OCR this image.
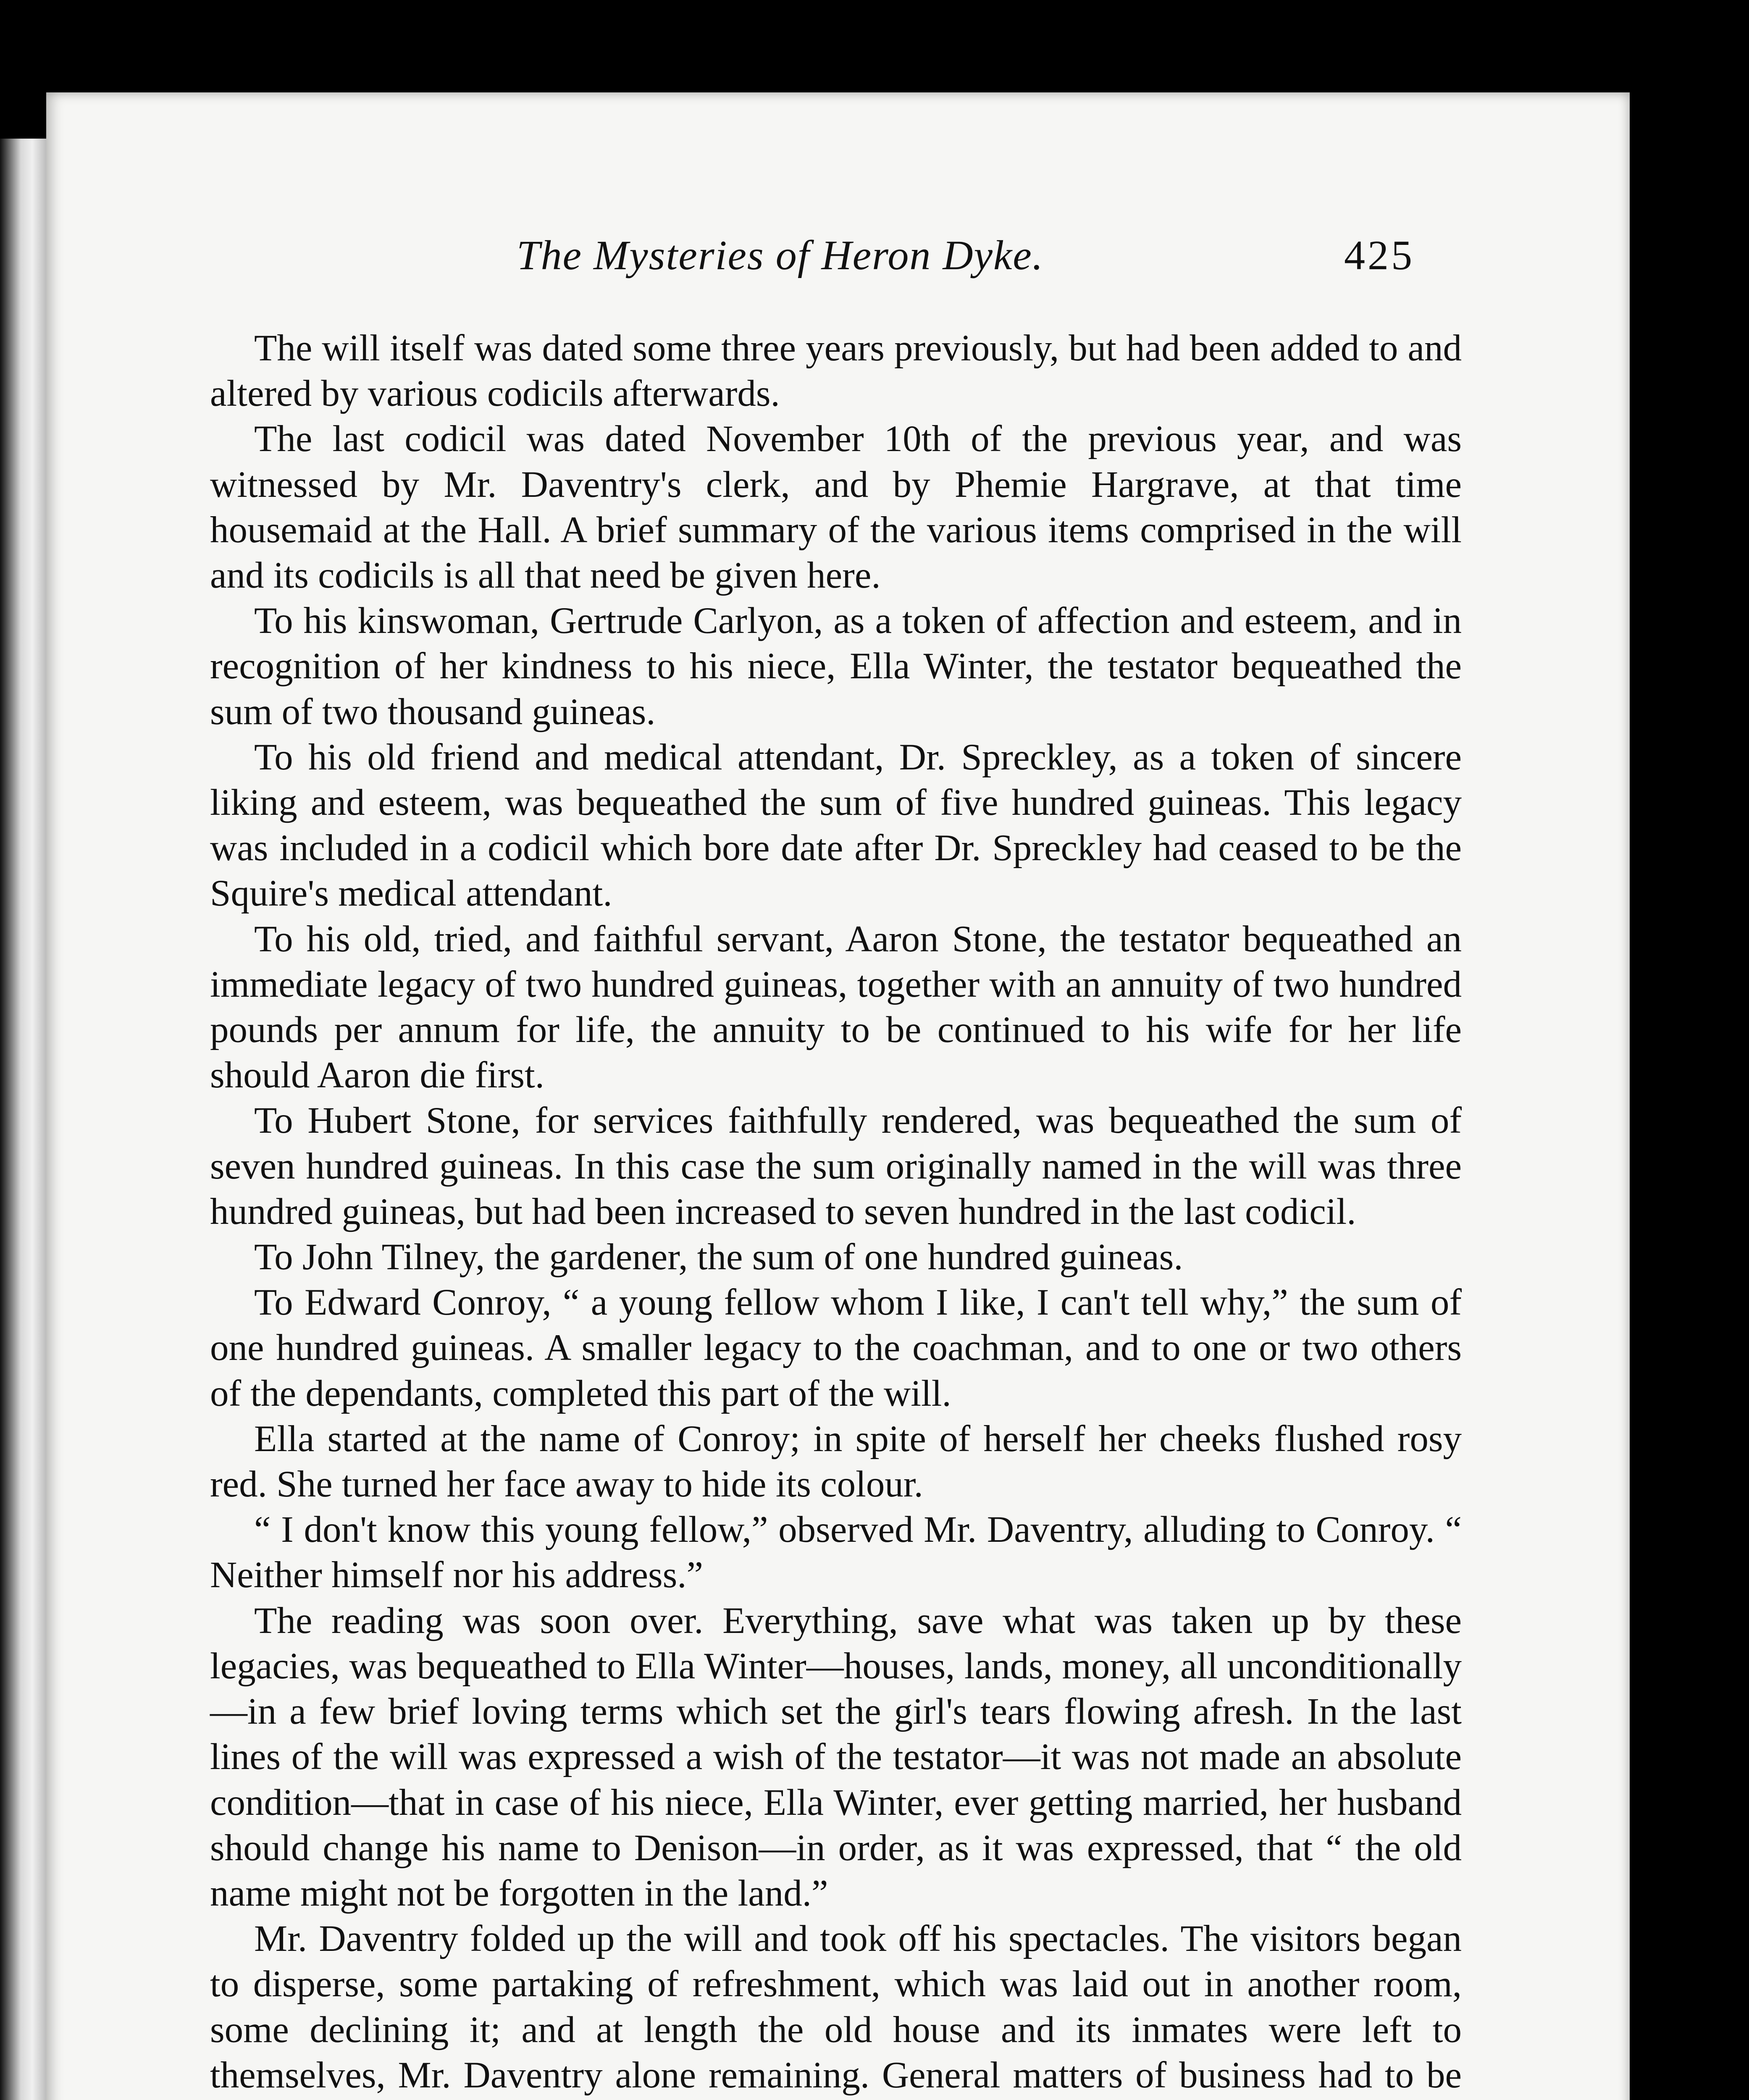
The Mysteries of Heron Dyke.	425

The will itself was dated some three years previously, but had been added to and altered by various codicils afterwards.

The last codicil was dated November 10th of the previous year, and was witnessed by Mr. Daventry's clerk, and by Phemie Hargrave, at that time housemaid at the Hall. A brief summary of the various items comprised in the will and its codicils is all that need be given here.

To his kinswoman, Gertrude Carlyon, as a token of affection and esteem, and in recognition of her kindness to his niece, Ella Winter, the testator bequeathed the sum of two thousand guineas.

To his old friend and medical attendant, Dr. Spreckley, as a token of sincere liking and esteem, was bequeathed the sum of five hundred guineas. This legacy was included in a codicil which bore date after Dr. Spreckley had ceased to be the Squire's medical attendant.

To his old, tried, and faithful servant, Aaron Stone, the testator bequeathed an immediate legacy of two hundred guineas, together with an annuity of two hundred pounds per annum for life, the annuity to be continued to his wife for her life should Aaron die first.

To Hubert Stone, for services faithfully rendered, was bequeathed the sum of seven hundred guineas. In this case the sum originally named in the will was three hundred guineas, but had been increased to seven hundred in the last codicil.

To John Tilney, the gardener, the sum of one hundred guineas.

To Edward Conroy, “ a young fellow whom I like, I can't tell why,” the sum of one hundred guineas. A smaller legacy to the coachman, and to one or two others of the dependants, completed this part of the will.

Ella started at the name of Conroy; in spite of herself her cheeks flushed rosy red. She turned her face away to hide its colour.

“ I don't know this young fellow,” observed Mr. Daventry, alluding to Conroy. “ Neither himself nor his address.”

The reading was soon over. Everything, save what was taken up by these legacies, was bequeathed to Ella Winter—houses, lands, money, all unconditionally—in a few brief loving terms which set the girl's tears flowing afresh. In the last lines of the will was expressed a wish of the testator—it was not made an absolute condition—that in case of his niece, Ella Winter, ever getting married, her husband should change his name to Denison—in order, as it was expressed, that “ the old name might not be forgotten in the land.”

Mr. Daventry folded up the will and took off his spectacles. The visitors began to disperse, some partaking of refreshment, which was laid out in another room, some declining it; and at length the old house and its inmates were left to themselves, Mr. Daventry alone remaining. General matters of business had to be
